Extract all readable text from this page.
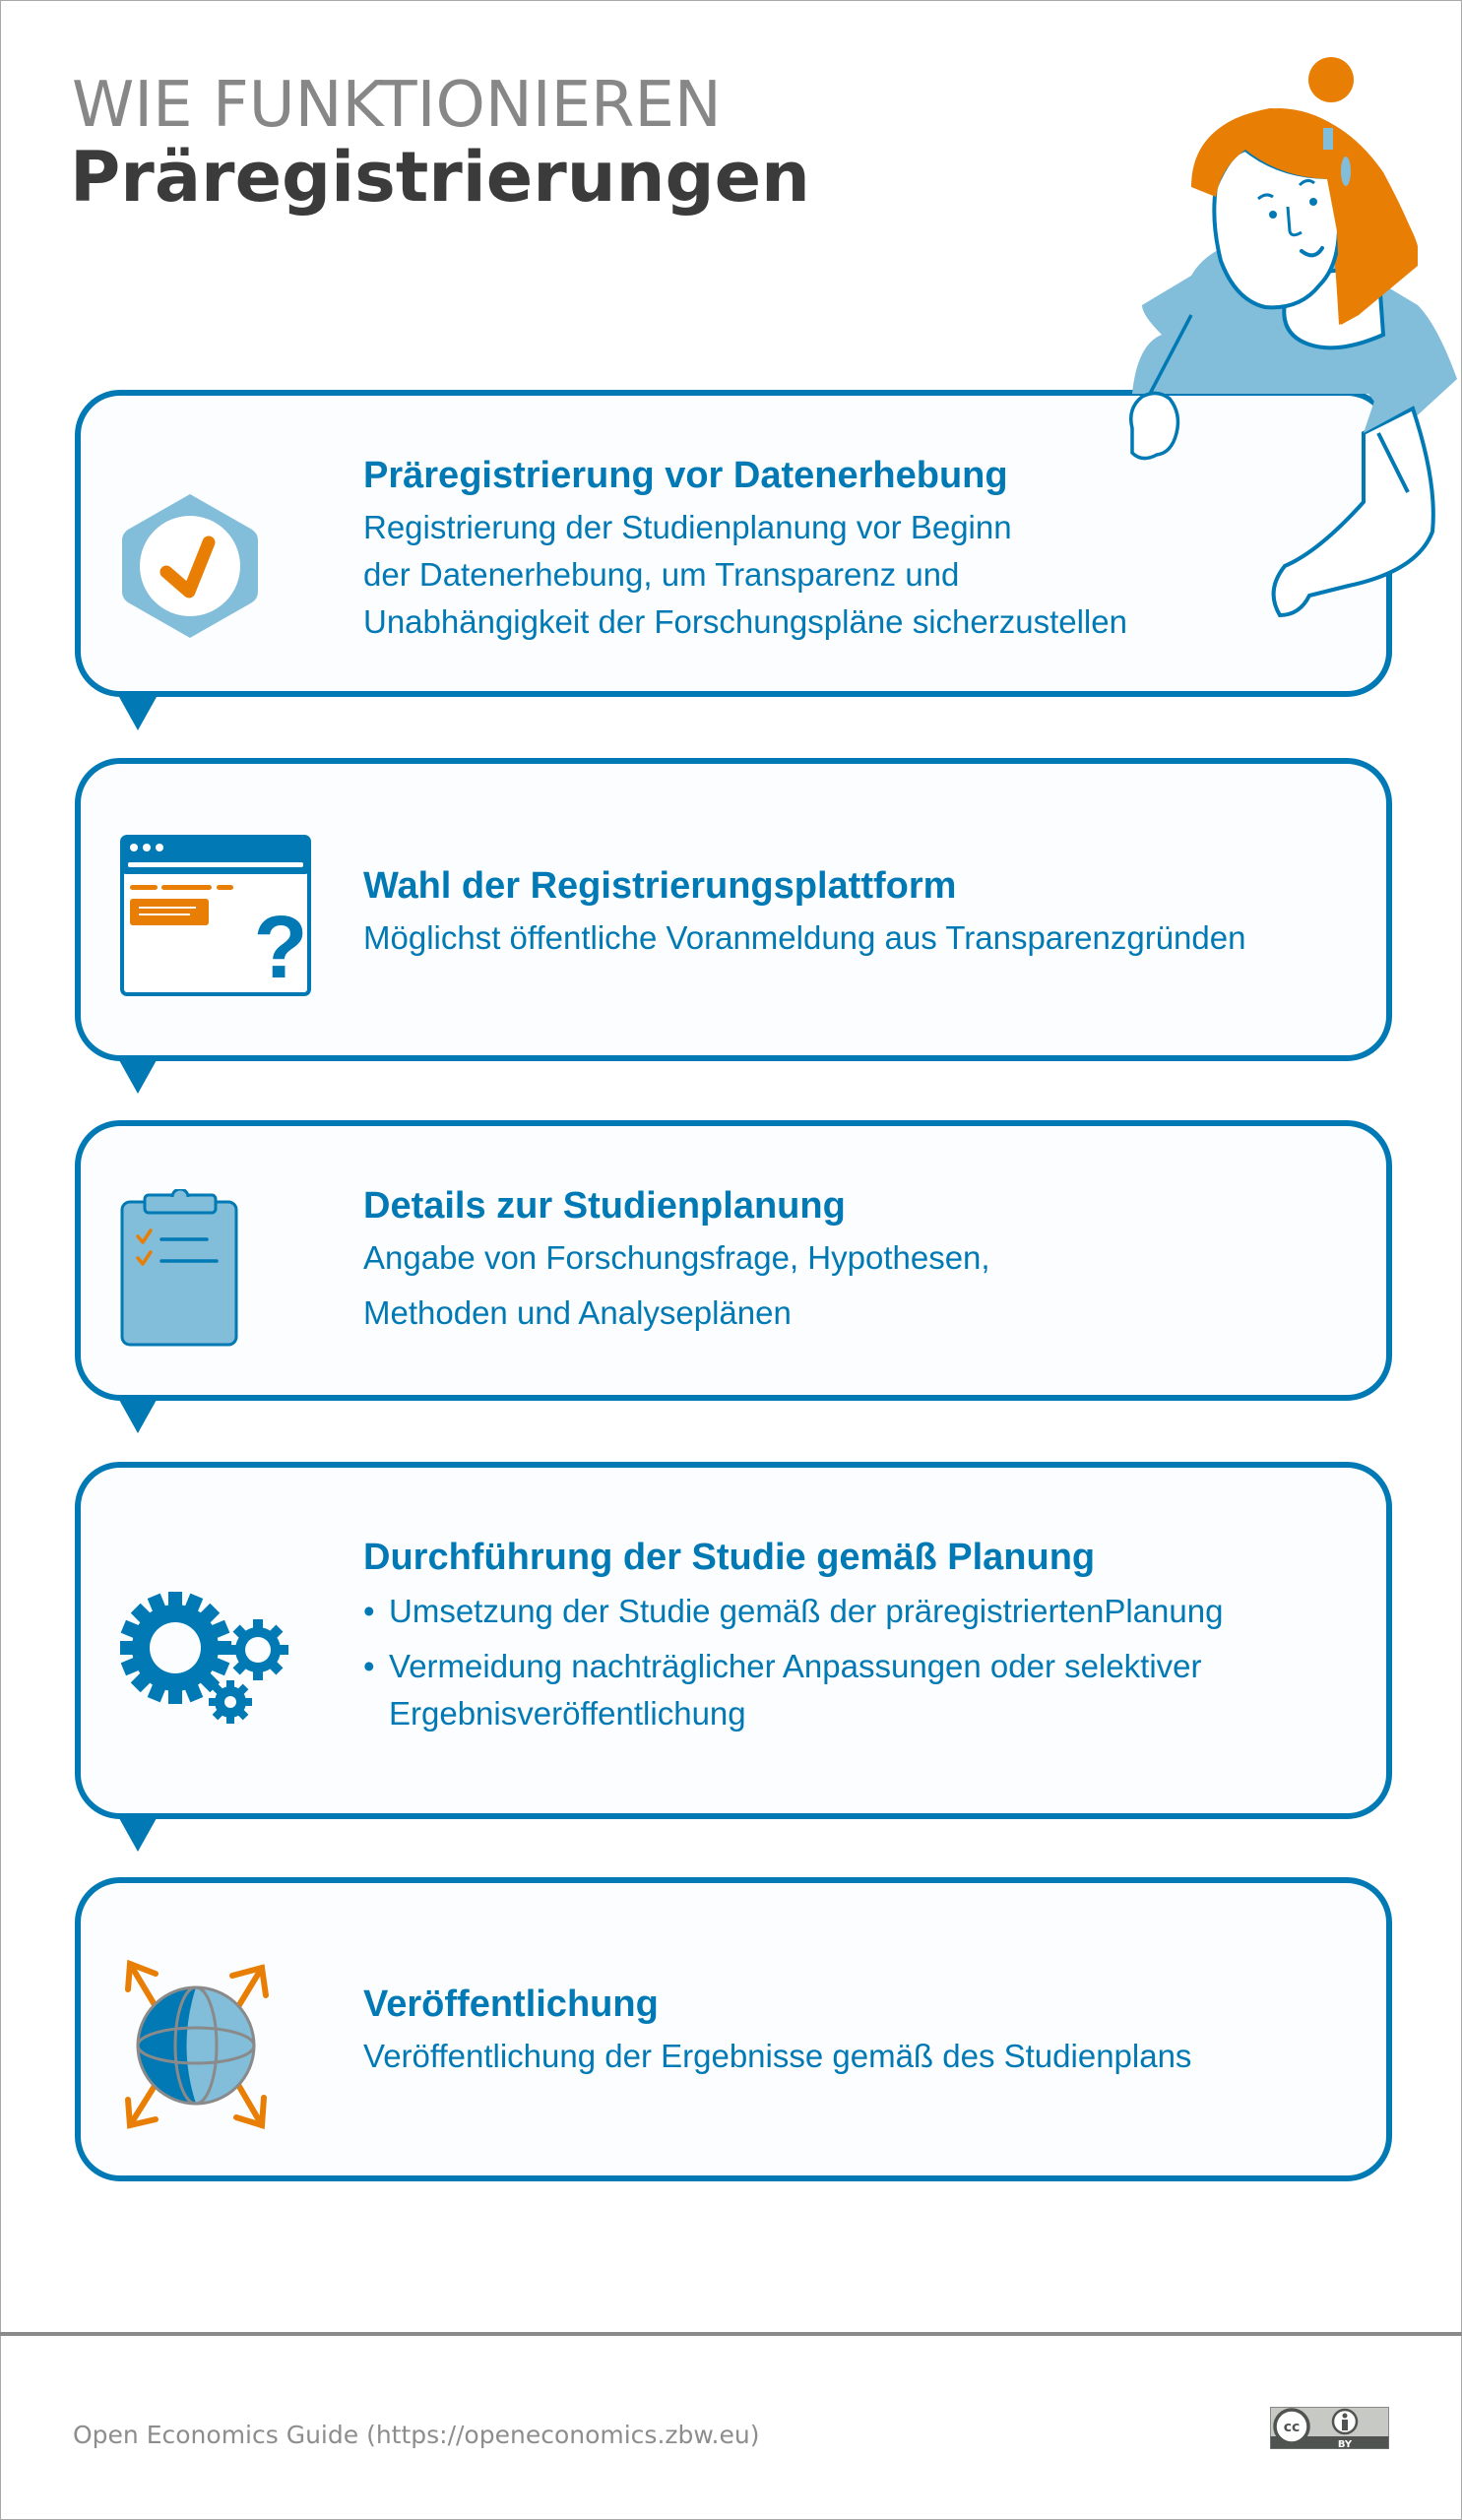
WIE FUNKTIONIEREN
Präregistrierungen
Präregistrierung vor Datenerhebung
Registrierung der Studienplanung vor Beginn
der Datenerhebung, um Transparenz und
Unabhängigkeit der Forschungspläne sicherzustellen
?
Wahl der Registrierungsplattform
Möglichst öffentliche Voranmeldung aus Transparenzgründen
Details zur Studienplanung
Angabe von Forschungsfrage, Hypothesen,
Methoden und Analyseplänen
Durchführung der Studie gemäß Planung
• Umsetzung der Studie gemäß der präregistriertenPlanung
• Vermeidung nachträglicher Anpassungen oder selektiver Ergebnisveröffentlichung
Veröffentlichung
Veröffentlichung der Ergebnisse gemäß des Studienplans
Open Economics Guide (https://openeconomics.zbw.eu)	cc
BY
